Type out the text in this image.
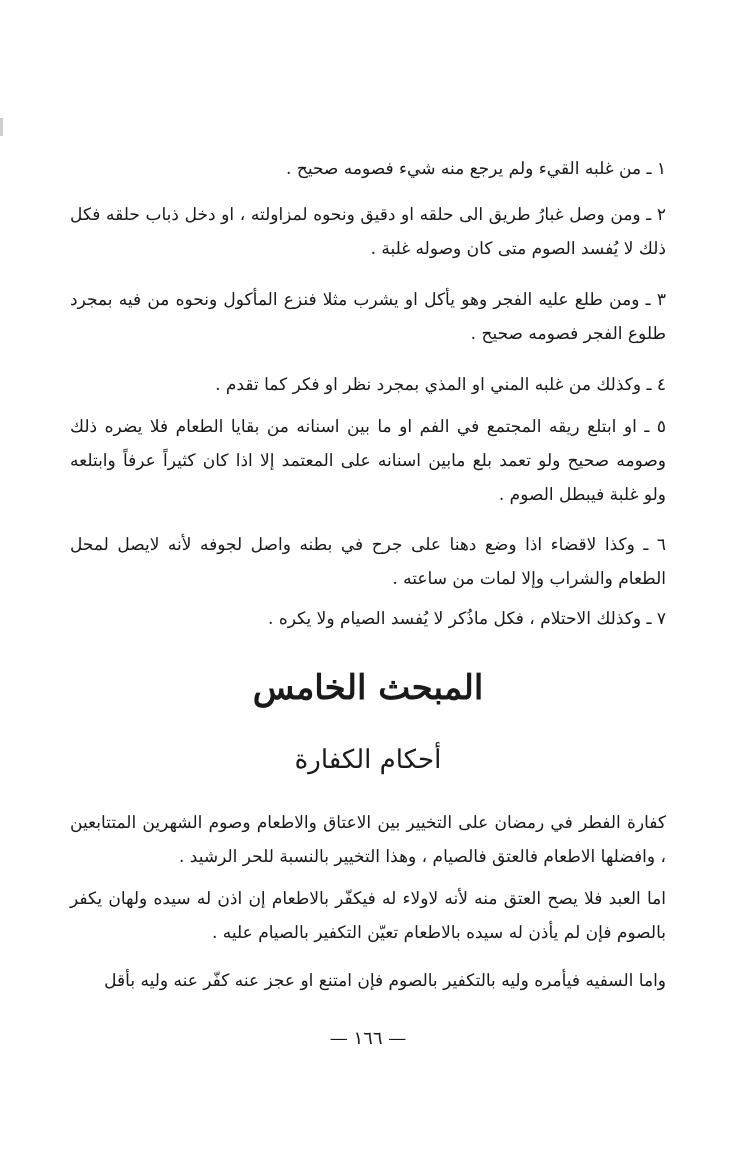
١ ـ من غلبه القيء ولم يرجع منه شيء فصومه صحيح .

٢ ـ ومن وصل غبارُ طريق الى حلقه او دقيق ونحوه لمزاولته ، او دخل ذباب حلقه فكل ذلك لا يُفسد الصوم متى كان وصوله غلبة .

٣ ـ ومن طلع عليه الفجر وهو يأكل او يشرب مثلا فنزع المأكول ونحوه من فيه بمجرد طلوع الفجر فصومه صحيح .

٤ ـ وكذلك من غلبه المني او المذي بمجرد نظر او فكر كما تقدم .

٥ ـ او ابتلع ريقه المجتمع في الفم او ما بين اسنانه من بقايا الطعام فلا يضره ذلك وصومه صحيح ولو تعمد بلع مابين اسنانه على المعتمد إلا اذا كان كثيراً عرفاً وابتلعه ولو غلبة فيبطل الصوم .

٦ ـ وكذا لاقضاء اذا وضع دهنا على جرح في بطنه واصل لجوفه لأنه لايصل لمحل الطعام والشراب وإلا لمات من ساعته .

٧ ـ وكذلك الاحتلام ، فكل ماذُكر لا يُفسد الصيام ولا يكره .

المبحث الخامس
أحكام الكفارة

كفارة الفطر في رمضان على التخيير بين الاعتاق والاطعام وصوم الشهرين المتتابعين ، وافضلها الاطعام فالعتق فالصيام ، وهذا التخيير بالنسبة للحر الرشيد .

اما العبد فلا يصح العتق منه لأنه لاولاء له فيكفّر بالاطعام إن اذن له سيده ولهان يكفر بالصوم فإن لم يأذن له سيده بالاطعام تعيّن التكفير بالصيام عليه .

واما السفيه فيأمره وليه بالتكفير بالصوم فإن امتنع او عجز عنه كفّر عنه وليه بأقل

— ١٦٦ —
